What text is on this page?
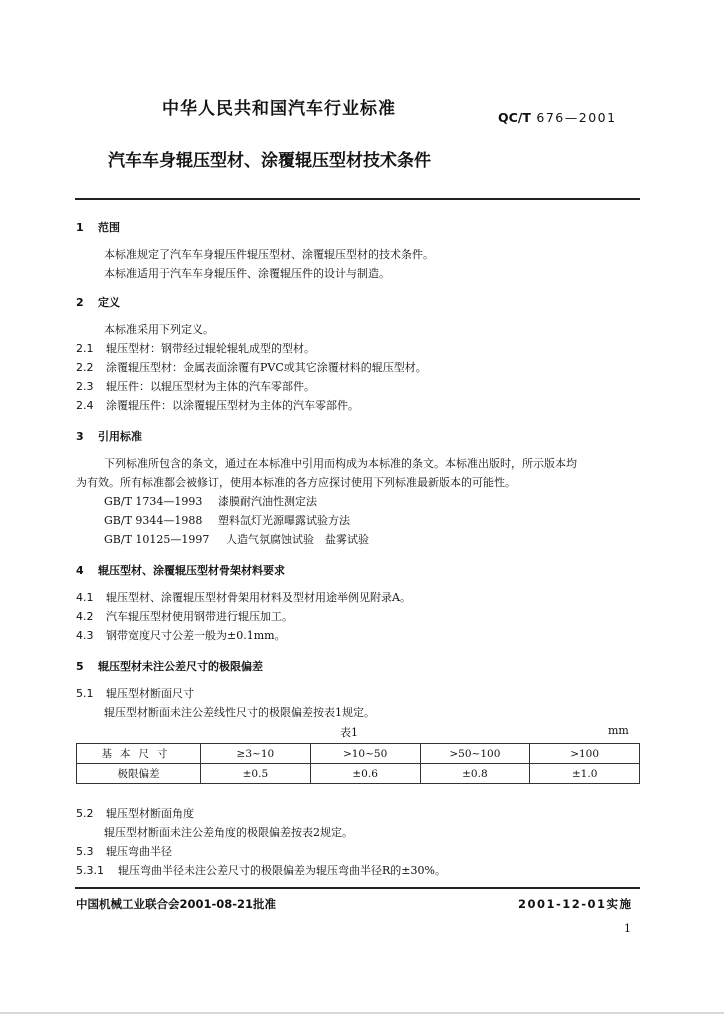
中华人民共和国汽车行业标准	QC/T 676—2001
汽车车身辊压型材、涂覆辊压型材技术条件
1 范围
本标准规定了汽车车身辊压件辊压型材、涂覆辊压型材的技术条件。
本标准适用于汽车车身辊压件、涂覆辊压件的设计与制造。
2 定义
本标准采用下列定义。
2.1 辊压型材：钢带经过辊轮辊轧成型的型材。
2.2 涂覆辊压型材：金属表面涂覆有PVC或其它涂覆材料的辊压型材。
2.3 辊压件：以辊压型材为主体的汽车零部件。
2.4 涂覆辊压件：以涂覆辊压型材为主体的汽车零部件。
3 引用标准
下列标准所包含的条文，通过在本标准中引用而构成为本标准的条文。本标准出版时，所示版本均
为有效。所有标准都会被修订，使用本标准的各方应探讨使用下列标准最新版本的可能性。
GB/T 1734—1993 漆膜耐汽油性测定法
GB/T 9344—1988 塑料氙灯光源曝露试验方法
GB/T 10125—1997 人造气氛腐蚀试验　盐雾试验
4 辊压型材、涂覆辊压型材骨架材料要求
4.1 辊压型材、涂覆辊压型材骨架用材料及型材用途举例见附录A。
4.2 汽车辊压型材使用钢带进行辊压加工。
4.3 钢带宽度尺寸公差一般为±0.1mm。
5 辊压型材未注公差尺寸的极限偏差
5.1 辊压型材断面尺寸
辊压型材断面未注公差线性尺寸的极限偏差按表1规定。
表1	mm
基本尺寸	≥3~10	>10~50	>50~100	>100
极限偏差	±0.5	±0.6	±0.8	±1.0
5.2 辊压型材断面角度
辊压型材断面未注公差角度的极限偏差按表2规定。
5.3 辊压弯曲半径
5.3.1 辊压弯曲半径未注公差尺寸的极限偏差为辊压弯曲半径R的±30%。
中国机械工业联合会2001-08-21批准	2001-12-01实施
1
